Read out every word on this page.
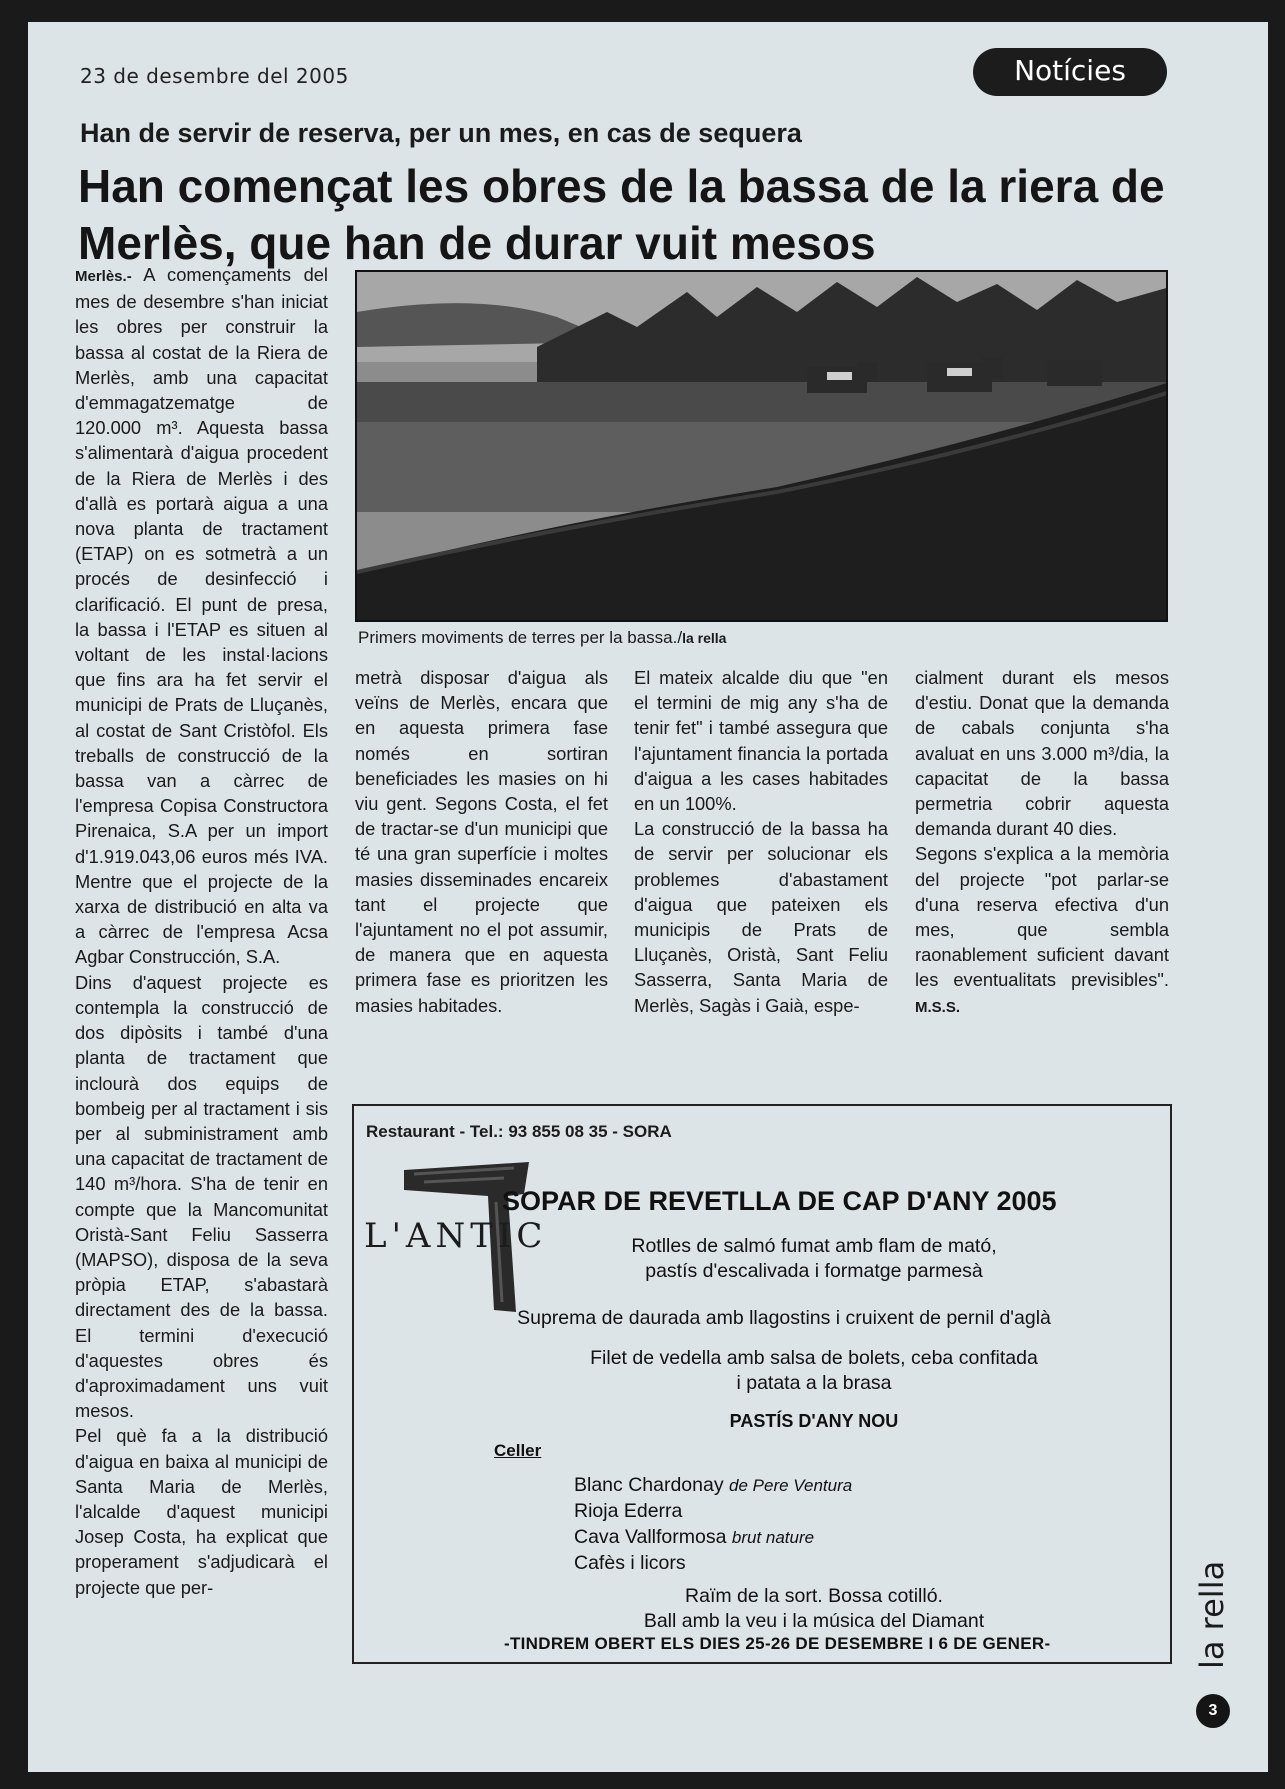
23 de desembre del 2005	Notícies
Han de servir de reserva, per un mes, en cas de sequera
Han començat les obres de la bassa de la riera de Merlès, que han de durar vuit mesos

Merlès.- A començaments del mes de desembre s'han iniciat les obres per construir la bassa al costat de la Riera de Merlès, amb una capacitat d'emmagatzematge de 120.000 m³. Aquesta bassa s'alimentarà d'aigua procedent de la Riera de Merlès i des d'allà es portarà aigua a una nova planta de tractament (ETAP) on es sotmetrà a un procés de desinfecció i clarificació. El punt de presa, la bassa i l'ETAP es situen al voltant de les instal·lacions que fins ara ha fet servir el municipi de Prats de Lluçanès, al costat de Sant Cristòfol. Els treballs de construcció de la bassa van a càrrec de l'empresa Copisa Constructora Pirenaica, S.A per un import d'1.919.043,06 euros més IVA. Mentre que el projecte de la xarxa de distribució en alta va a càrrec de l'empresa Acsa Agbar Construcción, S.A.

Dins d'aquest projecte es contempla la construcció de dos dipòsits i també d'una planta de tractament que inclourà dos equips de bombeig per al tractament i sis per al subministrament amb una capacitat de tractament de 140 m³/hora. S'ha de tenir en compte que la Mancomunitat Oristà-Sant Feliu Sasserra (MAPSO), disposa de la seva pròpia ETAP, s'abastarà directament des de la bassa. El termini d'execució d'aquestes obres és d'aproximadament uns vuit mesos.

Pel què fa a la distribució d'aigua en baixa al municipi de Santa Maria de Merlès, l'alcalde d'aquest municipi Josep Costa, ha explicat que properament s'adjudicarà el projecte que per-

Primers moviments de terres per la bassa./la rella

metrà disposar d'aigua als veïns de Merlès, encara que en aquesta primera fase només en sortiran beneficiades les masies on hi viu gent. Segons Costa, el fet de tractar-se d'un municipi que té una gran superfície i moltes masies disseminades encareix tant el projecte que l'ajuntament no el pot assumir, de manera que en aquesta primera fase es prioritzen les masies habitades.

El mateix alcalde diu que "en el termini de mig any s'ha de tenir fet" i també assegura que l'ajuntament financia la portada d'aigua a les cases habitades en un 100%.

La construcció de la bassa ha de servir per solucionar els problemes d'abastament d'aigua que pateixen els municipis de Prats de Lluçanès, Oristà, Sant Feliu Sasserra, Santa Maria de Merlès, Sagàs i Gaià, espe-

cialment durant els mesos d'estiu. Donat que la demanda de cabals conjunta s'ha avaluat en uns 3.000 m³/dia, la capacitat de la bassa permetria cobrir aquesta demanda durant 40 dies.

Segons s'explica a la memòria del projecte "pot parlar-se d'una reserva efectiva d'un mes, que sembla raonablement suficient davant les eventualitats previsibles". M.S.S.

Restaurant - Tel.: 93 855 08 35 - SORA
L'ANTIC
SOPAR DE REVETLLA DE CAP D'ANY 2005
Rotlles de salmó fumat amb flam de mató,
pastís d'escalivada i formatge parmesà
Suprema de daurada amb llagostins i cruixent de pernil d'aglà
Filet de vedella amb salsa de bolets, ceba confitada
i patata a la brasa
PASTÍS D'ANY NOU
Celler
Blanc Chardonay de Pere Ventura
Rioja Ederra
Cava Vallformosa brut nature
Cafès i licors
Raïm de la sort. Bossa cotilló.
Ball amb la veu i la música del Diamant
-TINDREM OBERT ELS DIES 25-26 DE DESEMBRE I 6 DE GENER-	la rella
3
